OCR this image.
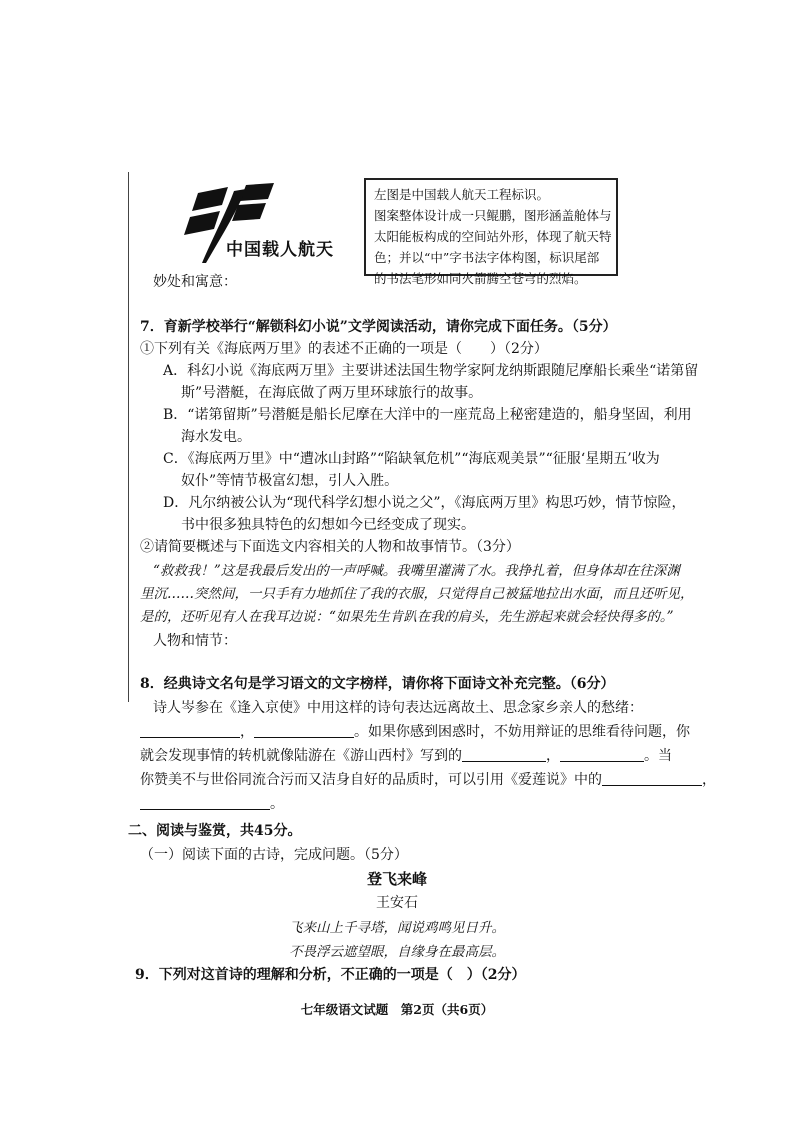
中国载人航天
左图是中国载人航天工程标识。
图案整体设计成一只鲲鹏，图形涵盖舱体与
太阳能板构成的空间站外形，体现了航天特
色；并以“中”字书法字体构图，标识尾部
的书法笔形如同火箭腾空苍穹的烈焰。
妙处和寓意：
7．育新学校举行“解锁科幻小说”文学阅读活动，请你完成下面任务。（5分）
①下列有关《海底两万里》的表述不正确的一项是（　　）（2分）
A．科幻小说《海底两万里》主要讲述法国生物学家阿龙纳斯跟随尼摩船长乘坐“诺第留
斯”号潜艇，在海底做了两万里环球旅行的故事。
B．“诺第留斯”号潜艇是船长尼摩在大洋中的一座荒岛上秘密建造的，船身坚固，利用
海水发电。
C．《海底两万里》中“遭冰山封路”“陷缺氧危机”“海底观美景”“征服‘星期五’收为
奴仆”等情节极富幻想，引人入胜。
D．凡尔纳被公认为“现代科学幻想小说之父”，《海底两万里》构思巧妙，情节惊险，
书中很多独具特色的幻想如今已经变成了现实。
②请简要概述与下面选文内容相关的人物和故事情节。（3分）
“救救我！”这是我最后发出的一声呼喊。我嘴里灌满了水。我挣扎着，但身体却在往深渊
里沉……突然间，一只手有力地抓住了我的衣服，只觉得自己被猛地拉出水面，而且还听见，
是的，还听见有人在我耳边说：“如果先生肯趴在我的肩头，先生游起来就会轻快得多的。”
人物和情节：
8．经典诗文名句是学习语文的文字榜样，请你将下面诗文补充完整。（6分）
诗人岑参在《逢入京使》中用这样的诗句表达远离故土、思念家乡亲人的愁绪：
，	。如果你感到困惑时，不妨用辩证的思维看待问题，你
就会发现事情的转机就像陆游在《游山西村》写到的	，	。当
你赞美不与世俗同流合污而又洁身自好的品质时，可以引用《爱莲说》中的	，
。
二、阅读与鉴赏，共45分。
（一）阅读下面的古诗，完成问题。（5分）
登飞来峰
王安石
飞来山上千寻塔，闻说鸡鸣见日升。
不畏浮云遮望眼，自缘身在最高层。
9．下列对这首诗的理解和分析，不正确的一项是（　）（2分）
七年级语文试题　第2页（共6页）
